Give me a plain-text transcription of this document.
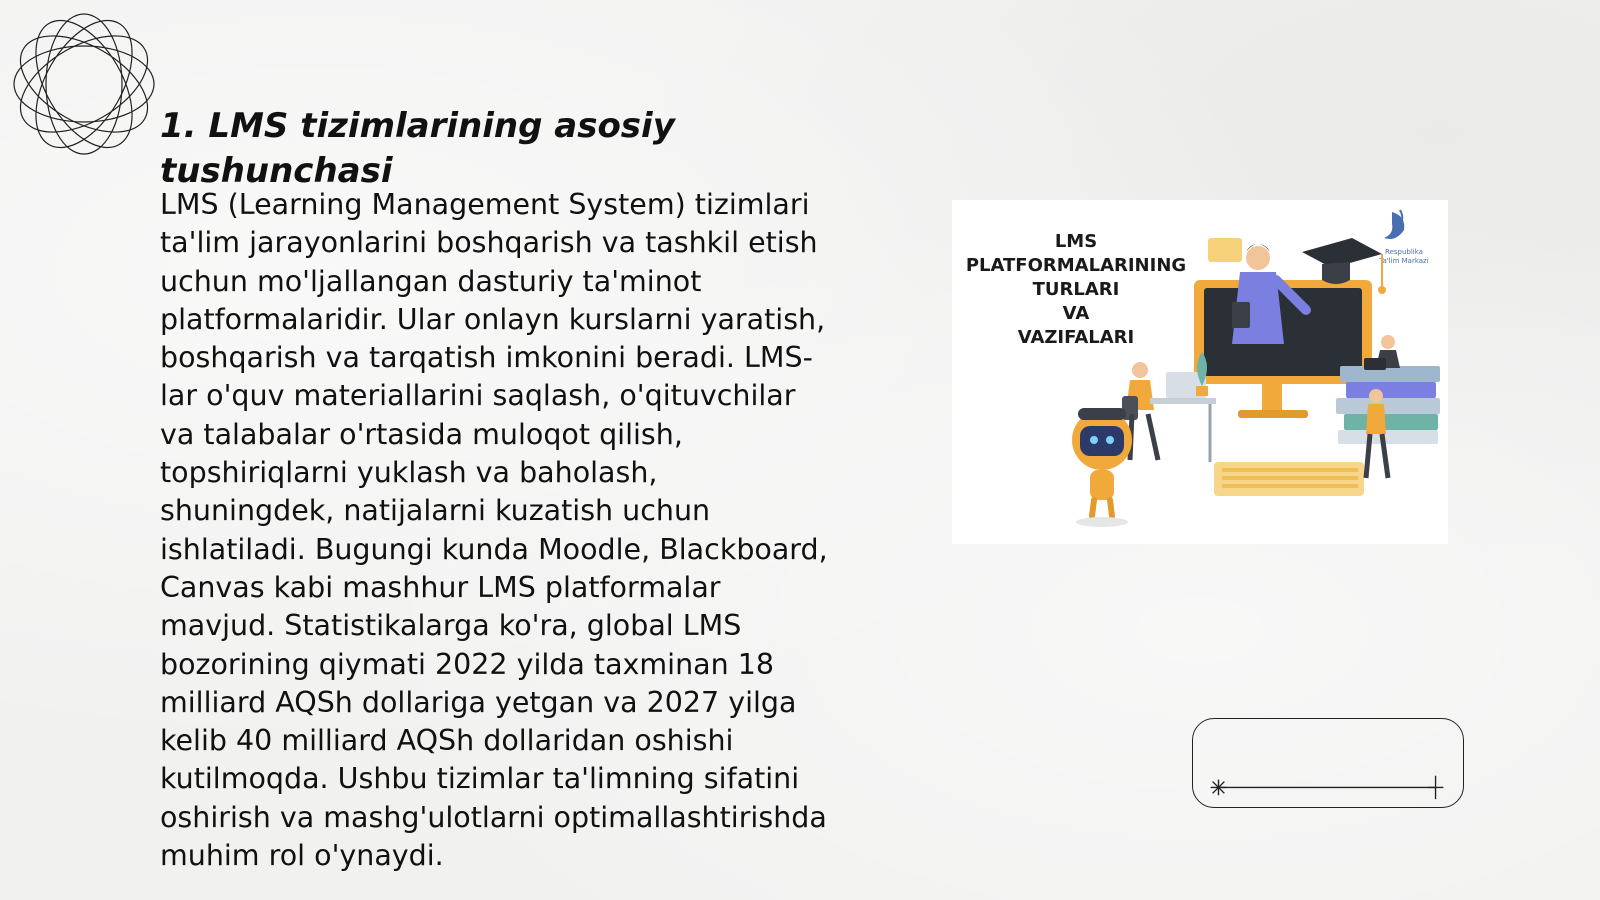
1. LMS tizimlarining asosiy tushunchasi

LMS (Learning Management System) tizimlari ta'lim jarayonlarini boshqarish va tashkil etish uchun mo'ljallangan dasturiy ta'minot platformalaridir. Ular onlayn kurslarni yaratish, boshqarish va tarqatish imkonini beradi. LMS-lar o'quv materiallarini saqlash, o'qituvchilar va talabalar o'rtasida muloqot qilish, topshiriqlarni yuklash va baholash, shuningdek, natijalarni kuzatish uchun ishlatiladi. Bugungi kunda Moodle, Blackboard, Canvas kabi mashhur LMS platformalar mavjud. Statistikalarga ko'ra, global LMS bozorining qiymati 2022 yilda taxminan 18 milliard AQSh dollariga yetgan va 2027 yilga kelib 40 milliard AQSh dollaridan oshishi kutilmoqda. Ushbu tizimlar ta'limning sifatini oshirish va mashg'ulotlarni optimallashtirishda muhim rol o'ynaydi.

Respublika
Ta'lim Markazi
LMS
PLATFORMALARINING
TURLARI
VA
VAZIFALARI
